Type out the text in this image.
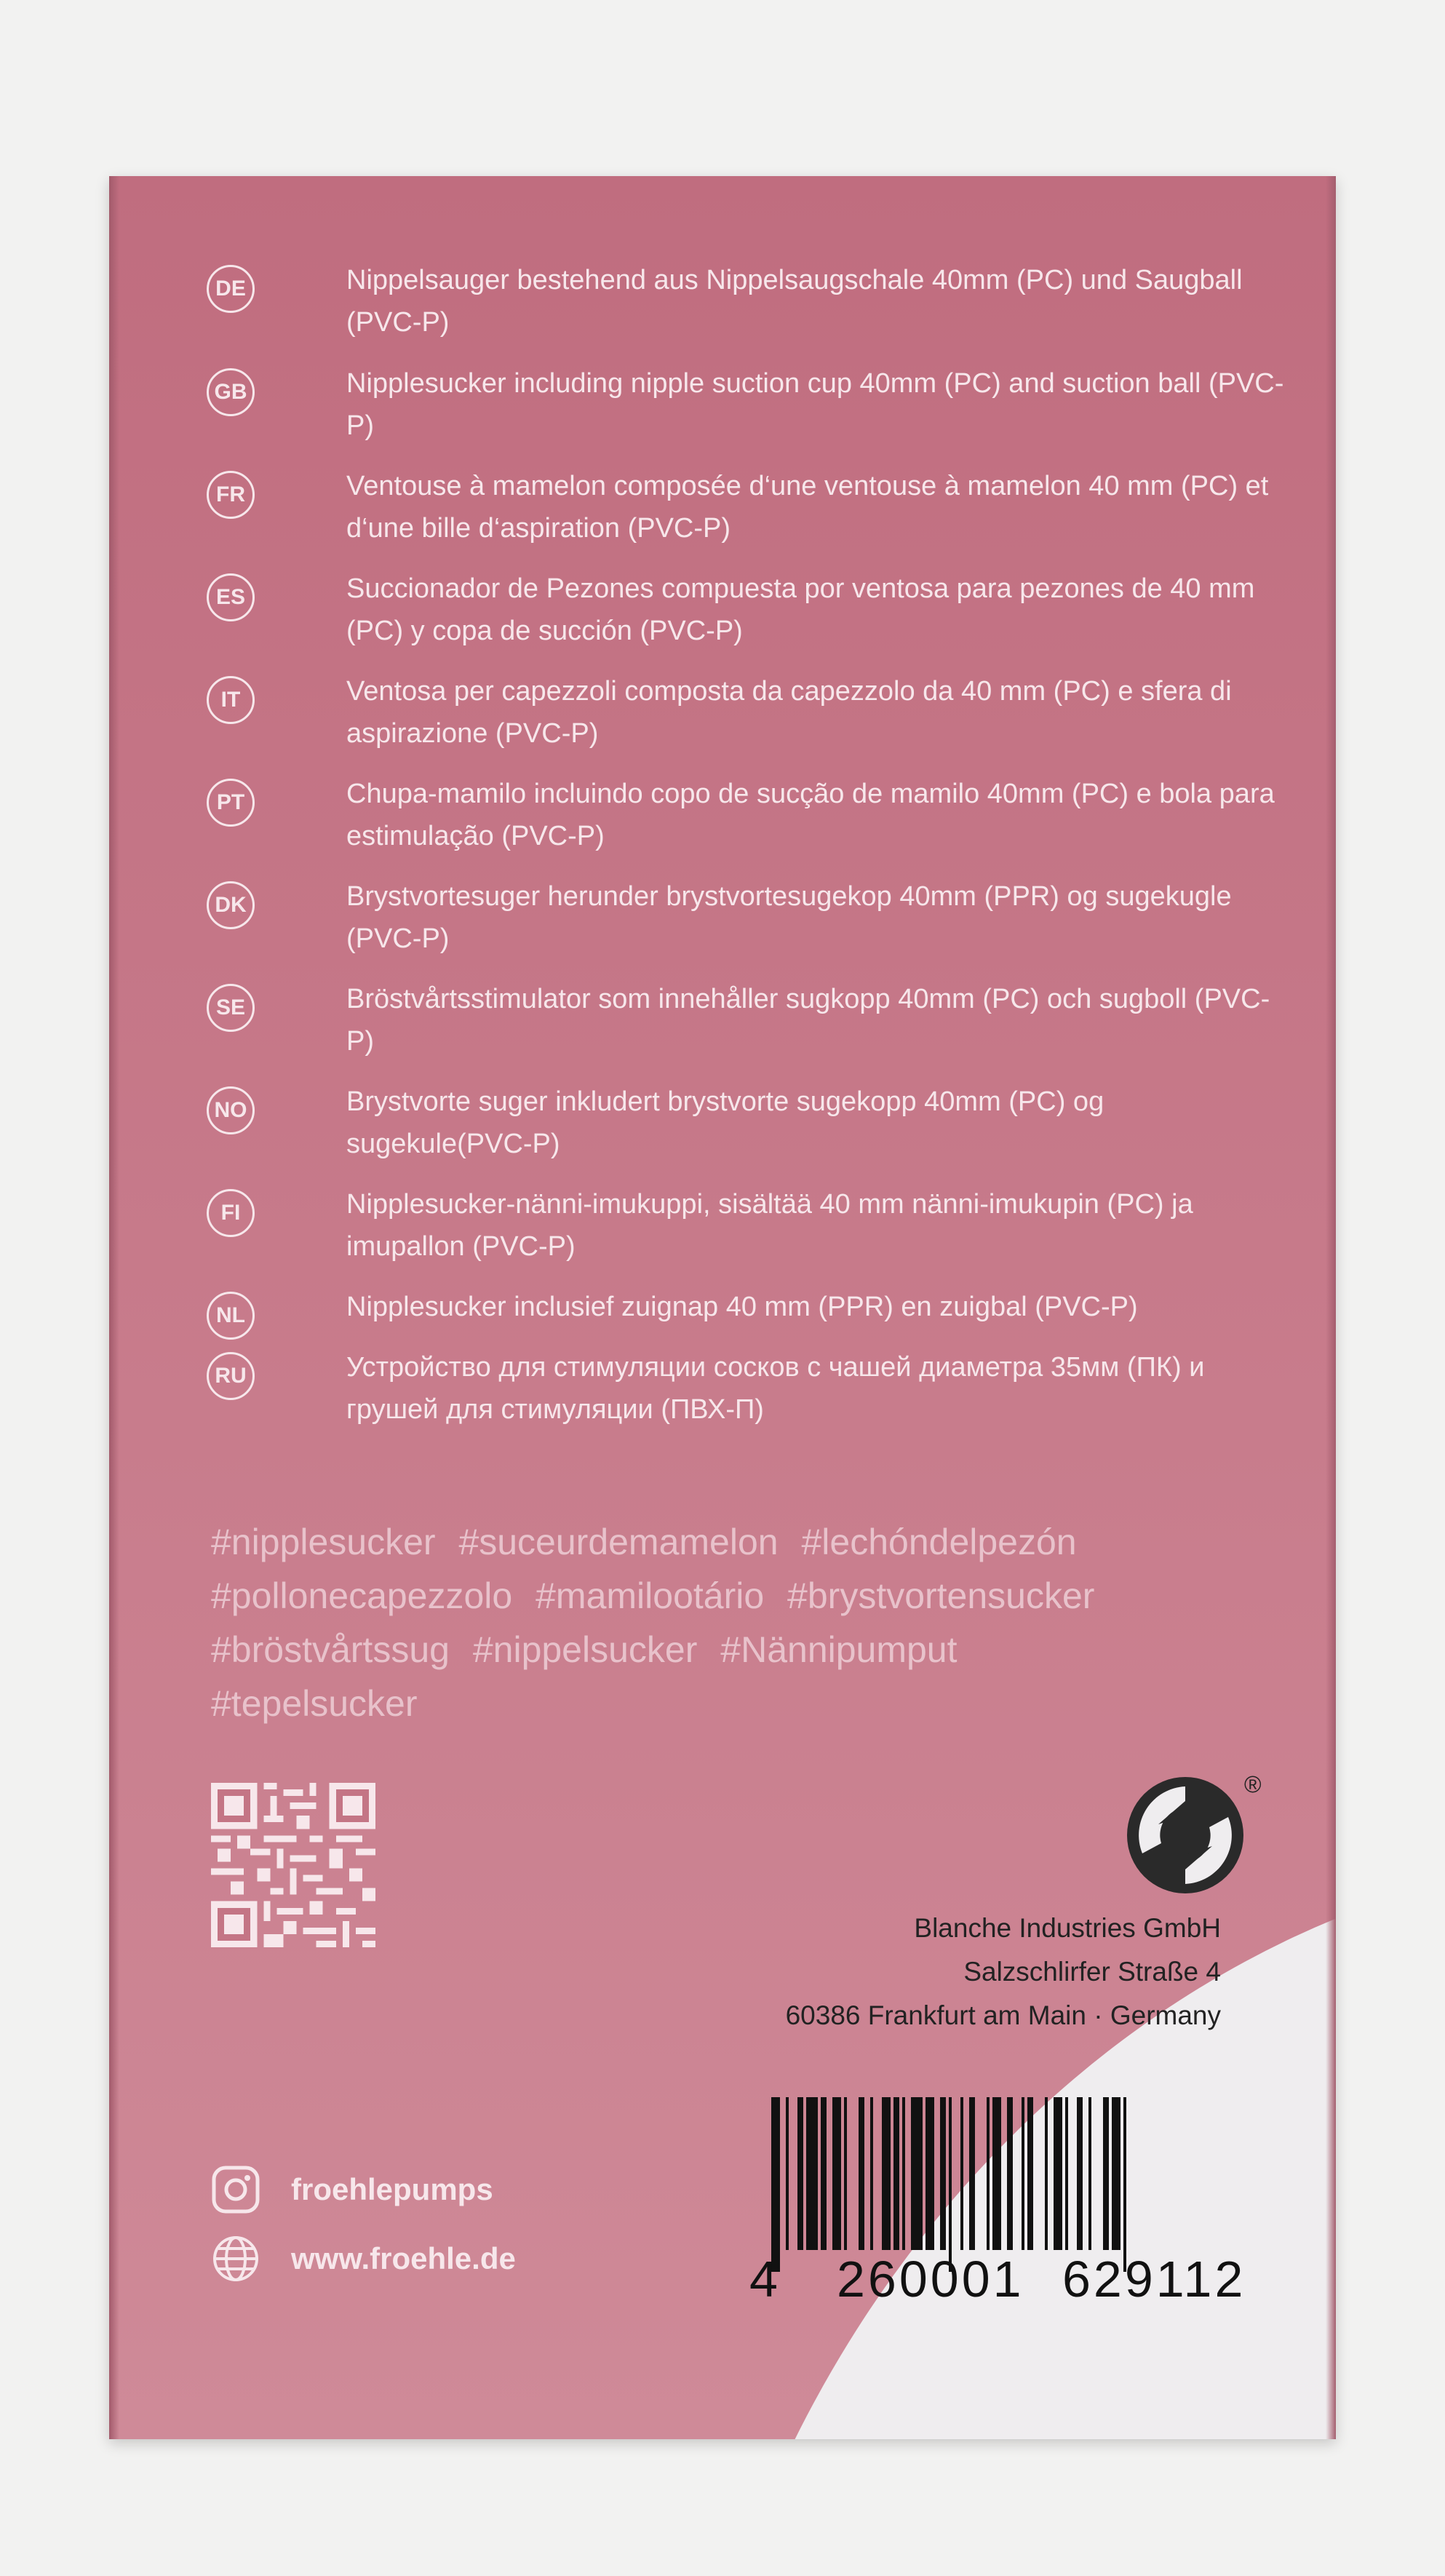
DE	Nippelsauger bestehend aus Nippelsaugschale 40mm (PC) und Saugball (PVC-P)
GB	Nipplesucker including nipple suction cup 40mm (PC) and suction ball (PVC-P)
FR	Ventouse à mamelon composée d‘une ventouse à mamelon 40 mm (PC) et d‘une bille d‘aspiration (PVC-P)
ES	Succionador de Pezones compuesta por ventosa para pezones de 40 mm (PC) y copa de succión (PVC-P)
IT	Ventosa per capezzoli composta da capezzolo da 40 mm (PC) e sfera di aspirazione (PVC-P)
PT	Chupa-mamilo incluindo copo de sucção de mamilo 40mm (PC) e bola para estimulação (PVC-P)
DK	Brystvortesuger herunder brystvortesugekop 40mm (PPR) og sugekugle (PVC-P)
SE	Bröstvårtsstimulator som innehåller sugkopp 40mm (PC) och sugboll (PVC-P)
NO	Brystvorte suger inkludert brystvorte sugekopp 40mm (PC) og sugekule(PVC-P)
FI	Nipplesucker-nänni-imukuppi, sisältää 40 mm nänni-imukupin (PC) ja imupallon (PVC-P)
NL	Nipplesucker inclusief zuignap 40 mm (PPR) en zuigbal (PVC-P)
RU	Устройство для стимуляции сосков с чашей диаметра 35мм (ПК) и грушей для стимуляции (ПВХ-П)
#nipplesucker #suceurdemamelon #lechóndelpezón
#pollonecapezzolo #mamilootário #brystvortensucker
#bröstvårtssug #nippelsucker #Nännipumput
#tepelsucker
froehlepumps
www.froehle.de
®
Blanche Industries GmbH
Salzschlirfer Straße 4
60386 Frankfurt am Main · Germany
4 260001 629112
